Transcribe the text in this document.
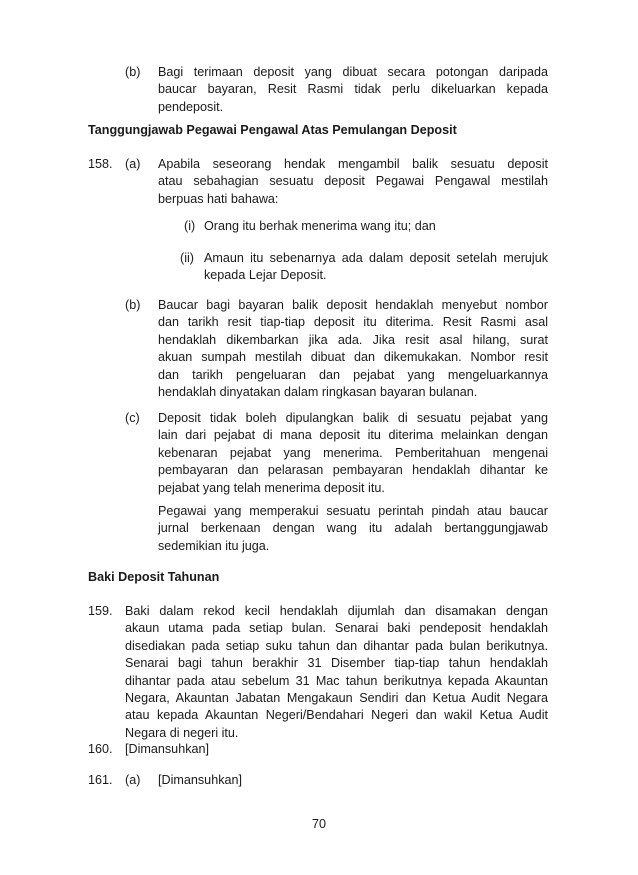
(b) Bagi terimaan deposit yang dibuat secara potongan daripada
baucar bayaran, Resit Rasmi tidak perlu dikeluarkan kepada
pendeposit.
Tanggungjawab Pegawai Pengawal Atas Pemulangan Deposit
158. (a) Apabila seseorang hendak mengambil balik sesuatu deposit
atau sebahagian sesuatu deposit Pegawai Pengawal mestilah
berpuas hati bahawa:
(i) Orang itu berhak menerima wang itu; dan
(ii) Amaun itu sebenarnya ada dalam deposit setelah merujuk
kepada Lejar Deposit.
(b) Baucar bagi bayaran balik deposit hendaklah menyebut nombor
dan tarikh resit tiap-tiap deposit itu diterima. Resit Rasmi asal
hendaklah dikembarkan jika ada. Jika resit asal hilang, surat
akuan sumpah mestilah dibuat dan dikemukakan. Nombor resit
dan tarikh pengeluaran dan pejabat yang mengeluarkannya
hendaklah dinyatakan dalam ringkasan bayaran bulanan.
(c) Deposit tidak boleh dipulangkan balik di sesuatu pejabat yang
lain dari pejabat di mana deposit itu diterima melainkan dengan
kebenaran pejabat yang menerima. Pemberitahuan mengenai
pembayaran dan pelarasan pembayaran hendaklah dihantar ke
pejabat yang telah menerima deposit itu.
Pegawai yang memperakui sesuatu perintah pindah atau baucar
jurnal berkenaan dengan wang itu adalah bertanggungjawab
sedemikian itu juga.
Baki Deposit Tahunan
159. Baki dalam rekod kecil hendaklah dijumlah dan disamakan dengan
akaun utama pada setiap bulan. Senarai baki pendeposit hendaklah
disediakan pada setiap suku tahun dan dihantar pada bulan berikutnya.
Senarai bagi tahun berakhir 31 Disember tiap-tiap tahun hendaklah
dihantar pada atau sebelum 31 Mac tahun berikutnya kepada Akauntan
Negara, Akauntan Jabatan Mengakaun Sendiri dan Ketua Audit Negara
atau kepada Akauntan Negeri/Bendahari Negeri dan wakil Ketua Audit
Negara di negeri itu.
160. [Dimansuhkan]
161. (a) [Dimansuhkan]
70
